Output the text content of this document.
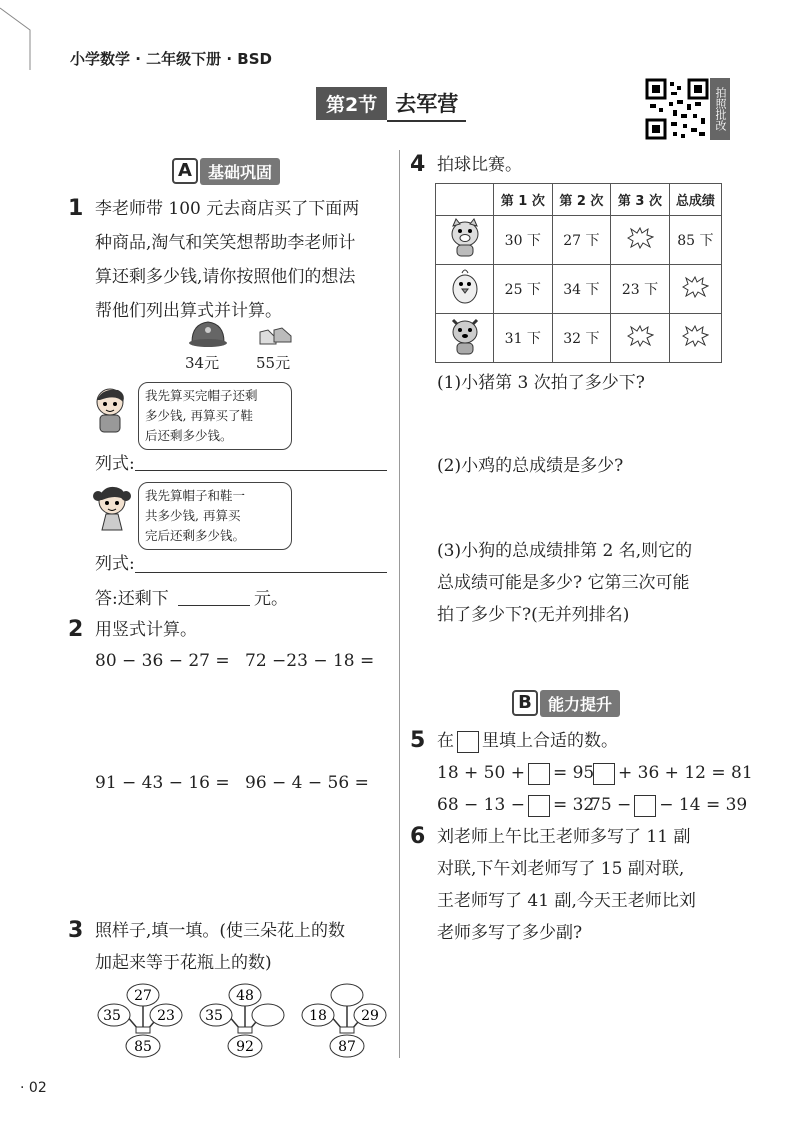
小学数学 · 二年级下册 · BSD
第2节 去军营	拍照批改
A	基础巩固
1 李老师带 100 元去商店买了下面两
种商品,淘气和笑笑想帮助李老师计
算还剩多少钱,请你按照他们的想法
帮他们列出算式并计算。
34元 55元
我先算买完帽子还剩
多少钱, 再算买了鞋
后还剩多少钱。
列式:
我先算帽子和鞋一
共多少钱, 再算买
完后还剩多少钱。
列式:
答:还剩下	元。
2 用竖式计算。
80 − 36 − 27 = 72 −23 − 18 =
91 − 43 − 16 = 96 − 4 − 56 =
3 照样子,填一填。(使三朵花上的数
加起来等于花瓶上的数)
27
35	23
85
48
35
92
18 29
87
4 拍球比赛。
	第 1 次	第 2 次	第 3 次	总成绩
	30 下	27 下		85 下
	25 下	34 下	23 下	
	31 下	32 下		
(1)小猪第 3 次拍了多少下?
(2)小鸡的总成绩是多少?
(3)小狗的总成绩排第 2 名,则它的
总成绩可能是多少? 它第三次可能
拍了多少下?(无并列排名)
B	能力提升
5 在 里填上合适的数。
18 + 50 + = 95	+ 36 + 12 = 81
68 − 13 − = 32
75 − − 14 = 39
6 刘老师上午比王老师多写了 11 副
对联,下午刘老师写了 15 副对联,
王老师写了 41 副,今天王老师比刘
老师多写了多少副?
· 02
